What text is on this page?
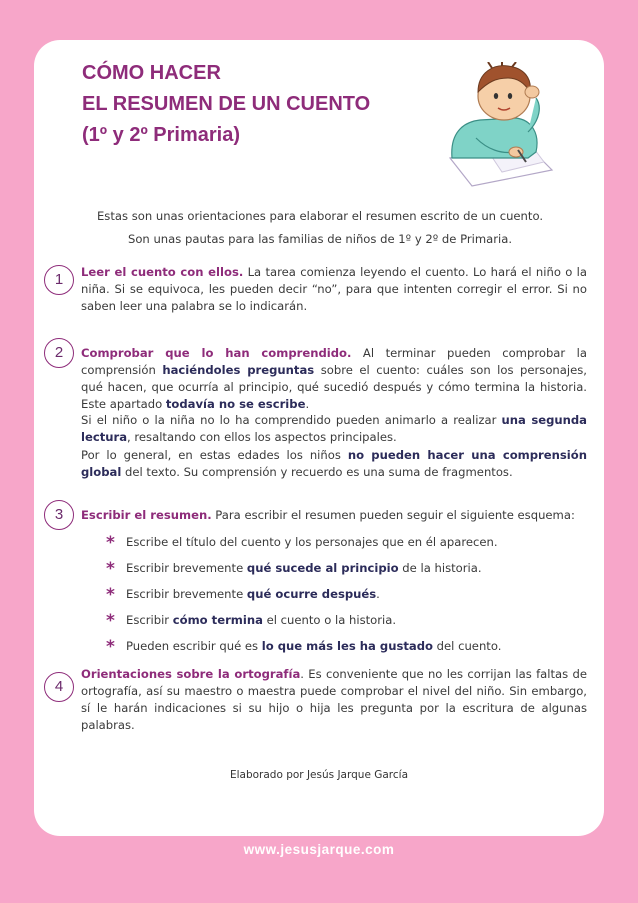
CÓMO HACER
EL RESUMEN DE UN CUENTO
(1º y 2º Primaria)
Estas son unas orientaciones para elaborar el resumen escrito de un cuento.
Son unas pautas para las familias de niños de 1º y 2º de Primaria.
1	Leer el cuento con ellos. La tarea comienza leyendo el cuento. Lo hará el niño o la niña. Si se equivoca, les pueden decir “no”, para que intenten corregir el error. Si no saben leer una palabra se lo indicarán.
2	Comprobar que lo han comprendido. Al terminar pueden comprobar la comprensión haciéndoles preguntas sobre el cuento: cuáles son los personajes, qué hacen, que ocurría al principio, qué sucedió después y cómo termina la historia. Este apartado todavía no se escribe.
Si el niño o la niña no lo ha comprendido pueden animarlo a realizar una segunda lectura, resaltando con ellos los aspectos principales.
Por lo general, en estas edades los niños no pueden hacer una comprensión global del texto. Su comprensión y recuerdo es una suma de fragmentos.
3	Escribir el resumen. Para escribir el resumen pueden seguir el siguiente esquema:
* Escribe el título del cuento y los personajes que en él aparecen.
* Escribir brevemente qué sucede al principio de la historia.
* Escribir brevemente qué ocurre después.
* Escribir cómo termina el cuento o la historia.
* Pueden escribir qué es lo que más les ha gustado del cuento.
4
Orientaciones sobre la ortografía. Es conveniente que no les corrijan las faltas de ortografía, así su maestro o maestra puede comprobar el nivel del niño. Sin embargo, sí le harán indicaciones si su hijo o hija les pregunta por la escritura de algunas palabras.
Elaborado por Jesús Jarque García
www.jesusjarque.com
